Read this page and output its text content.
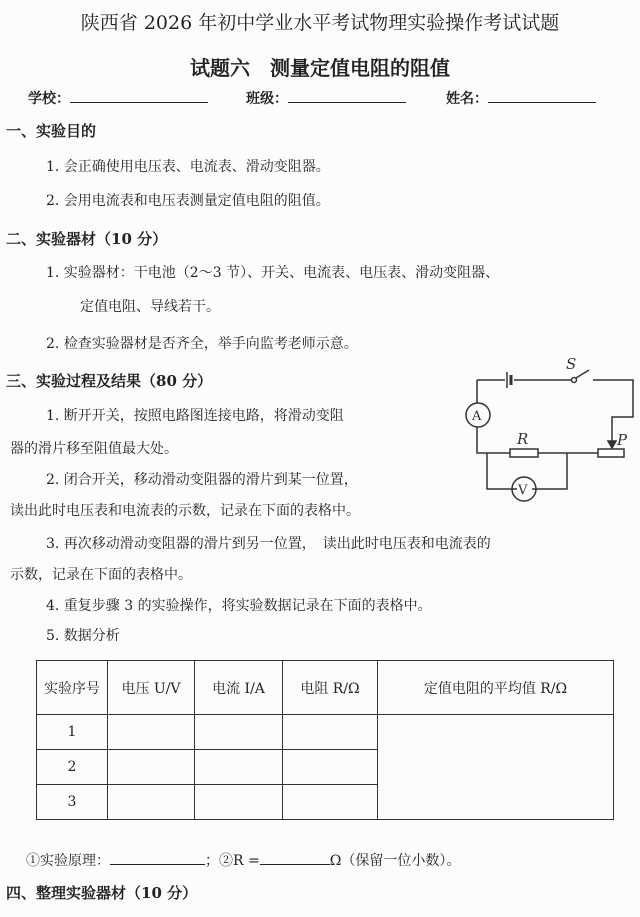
陕西省 2026 年初中学业水平考试物理实验操作考试试题
试题六　测量定值电阻的阻值
学校：	班级：	姓名：
一、实验目的
1. 会正确使用电压表、电流表、滑动变阻器。
2. 会用电流表和电压表测量定值电阻的阻值。
二、实验器材（10 分）
1. 实验器材：干电池（2～3 节）、开关、电流表、电压表、滑动变阻器、
定值电阻、导线若干。
2. 检查实验器材是否齐全，举手向监考老师示意。
三、实验过程及结果（80 分）
1. 断开开关，按照电路图连接电路，将滑动变阻
器的滑片移至阻值最大处。
2. 闭合开关，移动滑动变阻器的滑片到某一位置，
读出此时电压表和电流表的示数，记录在下面的表格中。
3. 再次移动滑动变阻器的滑片到另一位置，　读出此时电压表和电流表的
示数，记录在下面的表格中。
4. 重复步骤 3 的实验操作，将实验数据记录在下面的表格中。
5. 数据分析
S
R	P
A
V
实验序号	电压 U/V	电流 I/A	电阻 R/Ω	定值电阻的平均值 R/Ω
1				
2				
3				
①实验原理：	；②R =	Ω（保留一位小数）。
四、整理实验器材（10 分）
